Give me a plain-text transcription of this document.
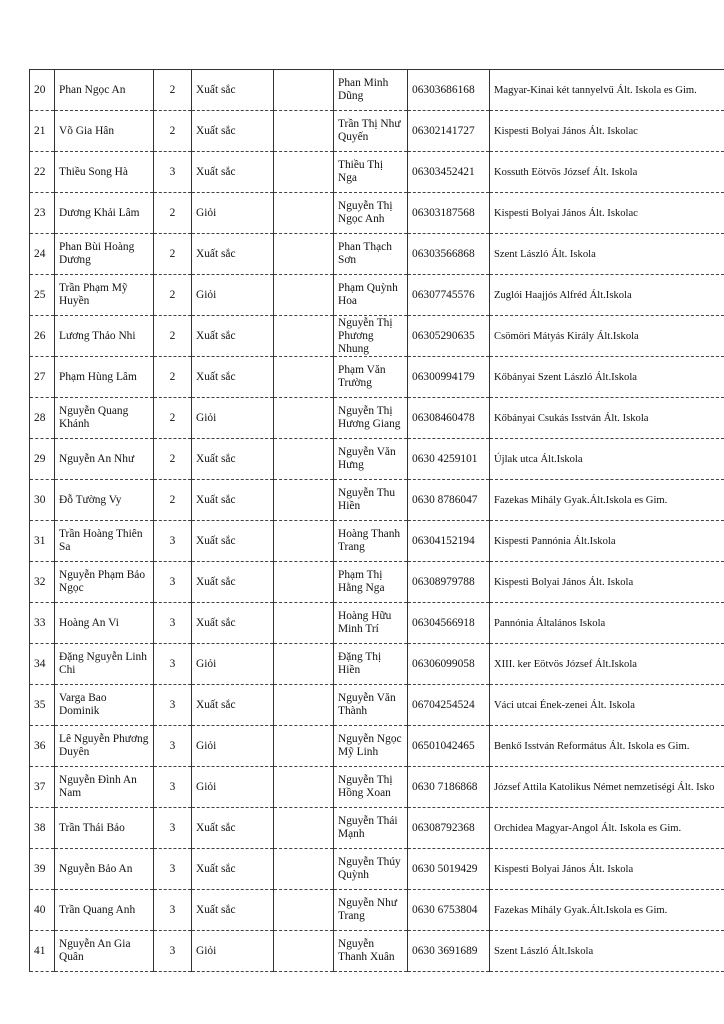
20	Phan Ngọc An	2	Xuất sắc		Phan Minh Dũng	06303686168	Magyar-Kinai két tannyelvű Ált. Iskola es Gim.
21	Võ Gia Hân	2	Xuất sắc		Trần Thị Như Quyến	06302141727	Kispesti Bolyai János Ált. Iskolac
22	Thiều Song Hà	3	Xuất sắc		Thiều Thị Nga	06303452421	Kossuth Eötvös József Ált. Iskola
23	Dương Khải Lâm	2	Giỏi		Nguyễn Thị Ngọc Anh	06303187568	Kispesti Bolyai János Ált. Iskolac
24	Phan Bùi Hoàng Dương	2	Xuất sắc		Phan Thạch Sơn	06303566868	Szent László Ált. Iskola
25	Trần Phạm Mỹ Huyền	2	Giỏi		Phạm Quỳnh Hoa	06307745576	Zuglói Haajjós Alfréd Ált.Iskola
26	Lương Thảo Nhi	2	Xuất sắc		Nguyễn Thị Phương Nhung	06305290635	Csömöri Mátyás Király Ált.Iskola
27	Phạm Hùng Lâm	2	Xuất sắc		Phạm Văn Trường	06300994179	Kőbányai Szent László Ált.Iskola
28	Nguyễn Quang Khánh	2	Giỏi		Nguyễn Thị Hương Giang	06308460478	Kőbányai Csukás Isstván Ált. Iskola
29	Nguyễn An Như	2	Xuất sắc		Nguyễn Văn Hưng	0630 4259101	Újlak utca Ált.Iskola
30	Đỗ Tường Vy	2	Xuất sắc		Nguyễn Thu Hiền	0630 8786047	Fazekas Mihály Gyak.Ált.Iskola es Gim.
31	Trần Hoàng Thiên Sa	3	Xuất sắc		Hoàng Thanh Trang	06304152194	Kispesti Pannónia Ált.Iskola
32	Nguyễn Phạm Bảo Ngọc	3	Xuất sắc		Phạm Thị Hằng Nga	06308979788	Kispesti Bolyai János Ált. Iskola
33	Hoàng An Vi	3	Xuất sắc		Hoàng Hữu Minh Trí	06304566918	Pannónia Általános Iskola
34	Đặng Nguyễn Linh Chi	3	Giỏi		Đặng Thị Hiền	06306099058	XIII. ker Eötvös József Ált.Iskola
35	Varga Bao Dominik	3	Xuất sắc		Nguyễn Văn Thành	06704254524	Váci utcai Ének-zenei Ált. Iskola
36	Lê Nguyễn Phương Duyên	3	Giỏi		Nguyễn Ngọc Mỹ Linh	06501042465	Benkő Isstván Református Ált. Iskola es Gim.
37	Nguyễn Đình An Nam	3	Giỏi		Nguyễn Thị Hồng Xoan	0630 7186868	József Attila Katolikus Német nemzetiségi Ált. Isko
38	Trần Thái Bảo	3	Xuất sắc		Nguyễn Thái Mạnh	06308792368	Orchidea Magyar-Angol Ált. Iskola es Gim.
39	Nguyễn Bảo An	3	Xuất sắc		Nguyễn Thúy Quỳnh	0630 5019429	Kispesti Bolyai János Ált. Iskola
40	Trần Quang Anh	3	Xuất sắc		Nguyễn Như Trang	0630 6753804	Fazekas Mihály Gyak.Ált.Iskola es Gim.
41	Nguyễn An Gia Quân	3	Giỏi		Nguyễn Thanh Xuân	0630 3691689	Szent László Ált.Iskola
